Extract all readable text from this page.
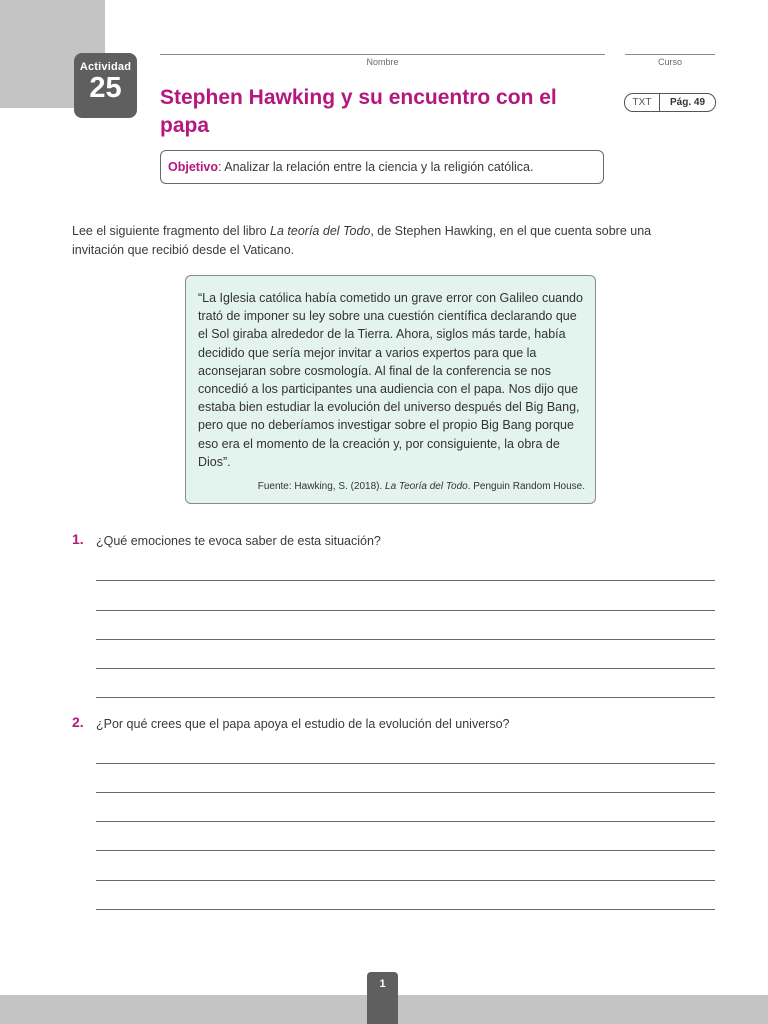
Actividad
25
Nombre	Curso
Stephen Hawking y su encuentro con el papa
TXT	Pág. 49
Objetivo: Analizar la relación entre la ciencia y la religión católica.
Lee el siguiente fragmento del libro La teoría del Todo, de Stephen Hawking, en el que cuenta sobre una invitación que recibió desde el Vaticano.
“La Iglesia católica había cometido un grave error con Galileo cuando trató de imponer su ley sobre una cuestión científica declarando que el Sol giraba alrededor de la Tierra. Ahora, siglos más tarde, había decidido que sería mejor invitar a varios expertos para que la aconsejaran sobre cosmología. Al final de la conferencia se nos concedió a los participantes una audiencia con el papa. Nos dijo que estaba bien estudiar la evolución del universo después del Big Bang, pero que no deberíamos investigar sobre el propio Big Bang porque eso era el momento de la creación y, por consiguiente, la obra de Dios”.
Fuente: Hawking, S. (2018). La Teoría del Todo. Penguin Random House.
1. ¿Qué emociones te evoca saber de esta situación?
2. ¿Por qué crees que el papa apoya el estudio de la evolución del universo?
1
